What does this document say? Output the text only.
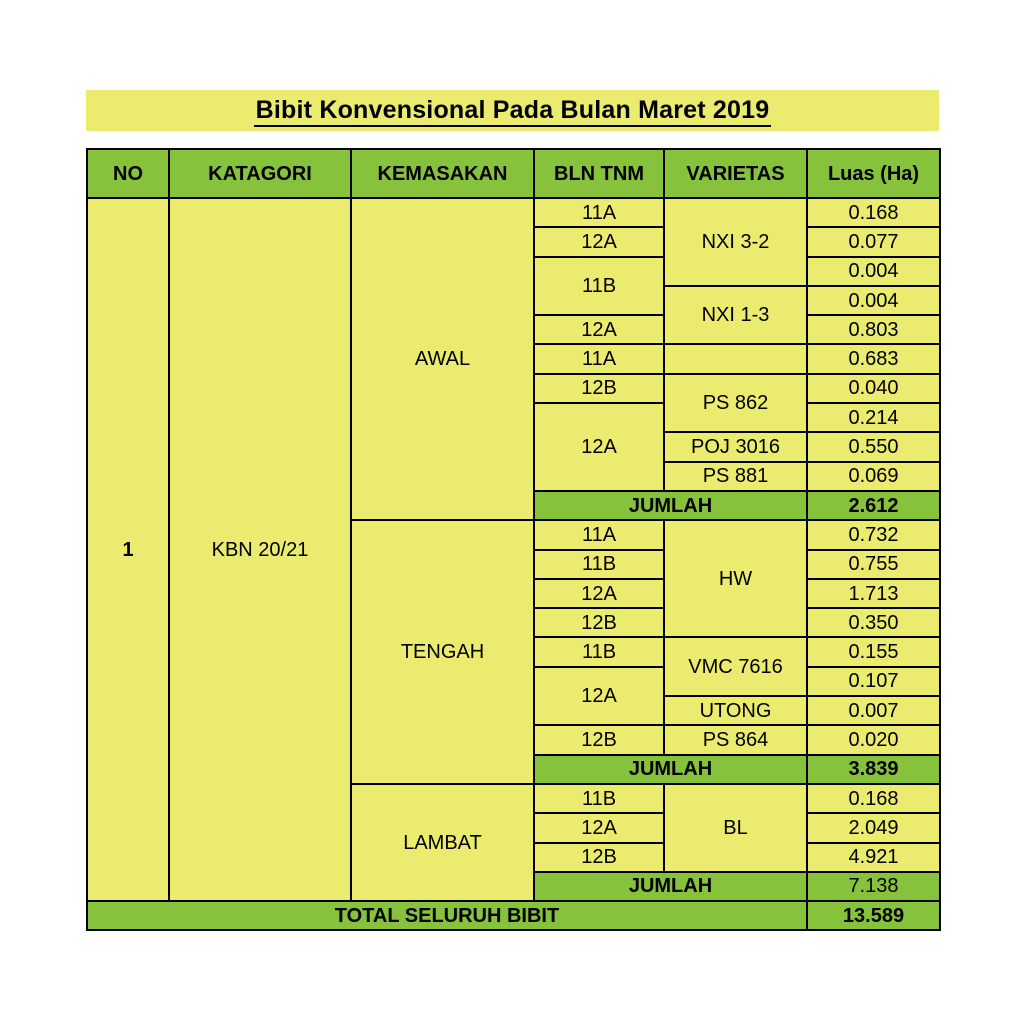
Bibit Konvensional Pada Bulan Maret 2019
NO	KATAGORI	KEMASAKAN	BLN TNM	VARIETAS	Luas (Ha)
1	KBN 20/21	AWAL	11A	NXI 3-2	0.168
			12A		0.077
			11B		0.004
				NXI 1-3	0.004
			12A		0.803
			11A		0.683
			12B	PS 862	0.040
			12A		0.214
				POJ 3016	0.550
				PS 881	0.069
			JUMLAH		2.612
		TENGAH	11A	HW	0.732
			11B		0.755
			12A		1.713
			12B		0.350
			11B	VMC 7616	0.155
			12A		0.107
				UTONG	0.007
			12B	PS 864	0.020
			JUMLAH		3.839
		LAMBAT	11B	BL	0.168
			12A		2.049
			12B		4.921
			JUMLAH		7.138
TOTAL SELURUH BIBIT					13.589
